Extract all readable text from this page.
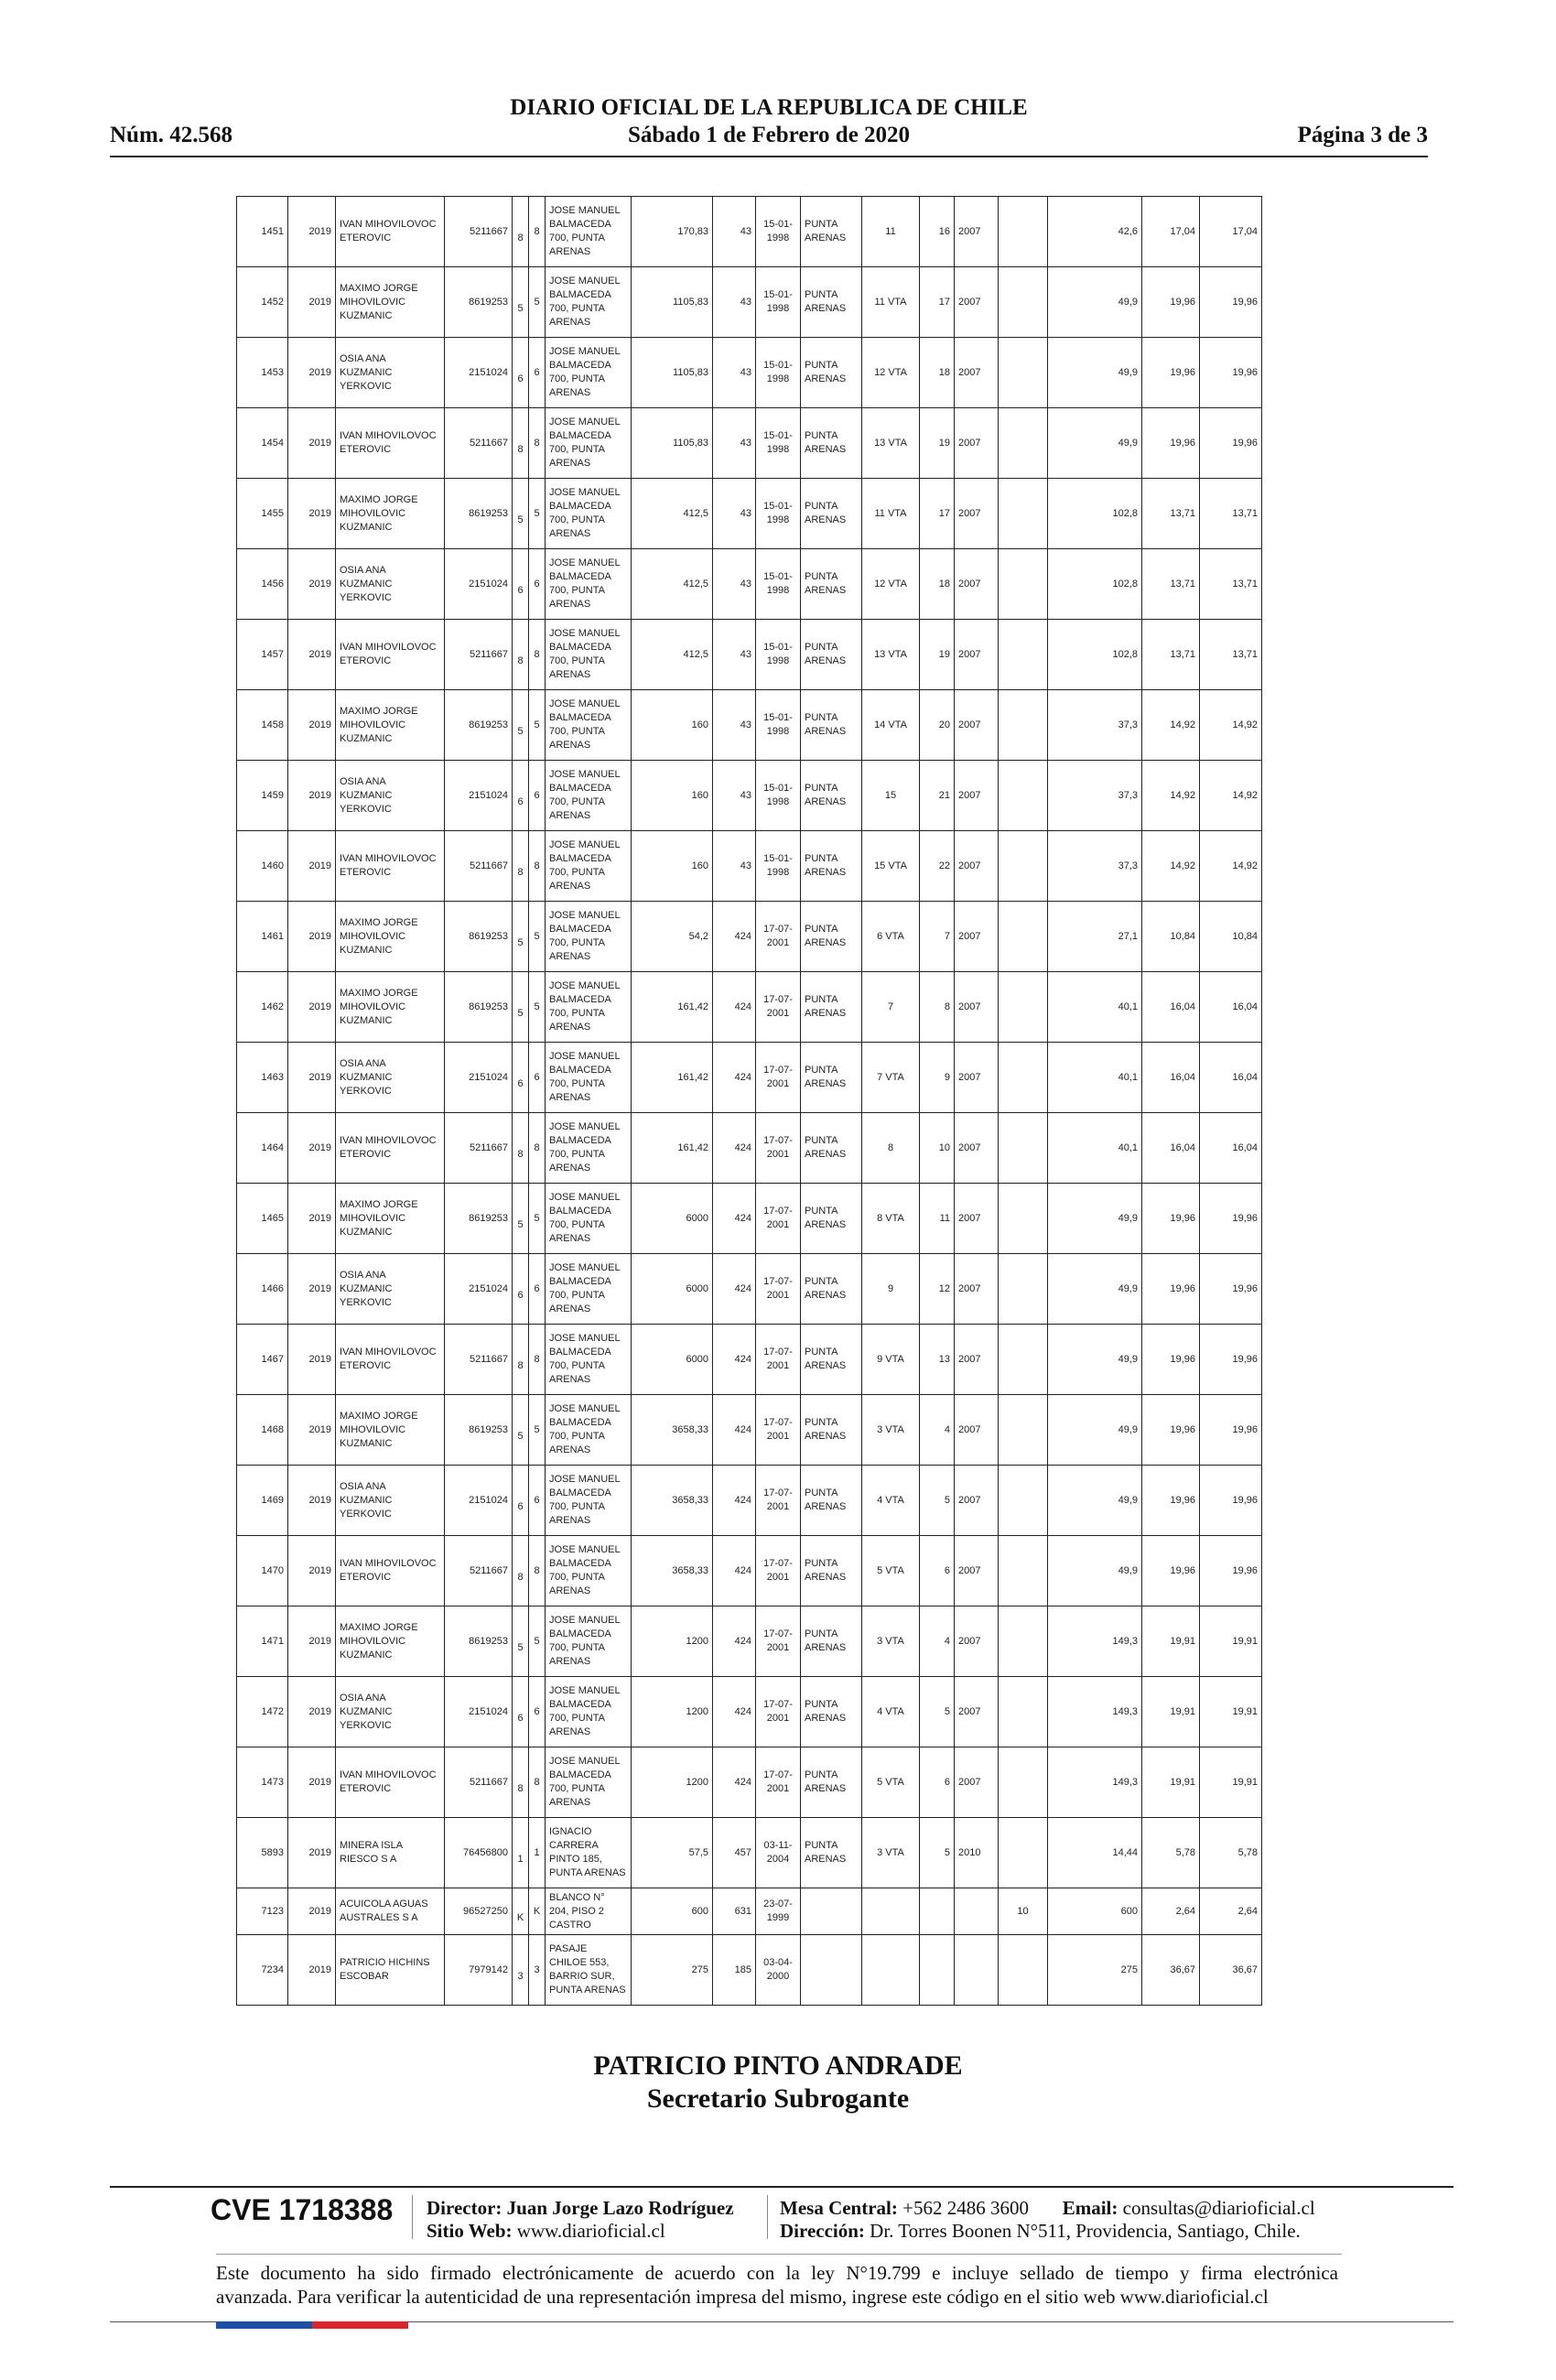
DIARIO OFICIAL DE LA REPUBLICA DE CHILE
Núm. 42.568	Sábado 1 de Febrero de 2020	Página 3 de 3
1451	2019	IVAN MIHOVILOVOC ETEROVIC	5211667	8	8	JOSE MANUEL BALMACEDA 700, PUNTA ARENAS	170,83	43	15-01-1998	PUNTA ARENAS	11	16	2007		42,6	17,04	17,04
1452	2019	MAXIMO JORGE MIHOVILOVIC KUZMANIC	8619253	5	5	JOSE MANUEL BALMACEDA 700, PUNTA ARENAS	1105,83	43	15-01-1998	PUNTA ARENAS	11 VTA	17	2007		49,9	19,96	19,96
1453	2019	OSIA ANA KUZMANIC YERKOVIC	2151024	6	6	JOSE MANUEL BALMACEDA 700, PUNTA ARENAS	1105,83	43	15-01-1998	PUNTA ARENAS	12 VTA	18	2007		49,9	19,96	19,96
1454	2019	IVAN MIHOVILOVOC ETEROVIC	5211667	8	8	JOSE MANUEL BALMACEDA 700, PUNTA ARENAS	1105,83	43	15-01-1998	PUNTA ARENAS	13 VTA	19	2007		49,9	19,96	19,96
1455	2019	MAXIMO JORGE MIHOVILOVIC KUZMANIC	8619253	5	5	JOSE MANUEL BALMACEDA 700, PUNTA ARENAS	412,5	43	15-01-1998	PUNTA ARENAS	11 VTA	17	2007		102,8	13,71	13,71
1456	2019	OSIA ANA KUZMANIC YERKOVIC	2151024	6	6	JOSE MANUEL BALMACEDA 700, PUNTA ARENAS	412,5	43	15-01-1998	PUNTA ARENAS	12 VTA	18	2007		102,8	13,71	13,71
1457	2019	IVAN MIHOVILOVOC ETEROVIC	5211667	8	8	JOSE MANUEL BALMACEDA 700, PUNTA ARENAS	412,5	43	15-01-1998	PUNTA ARENAS	13 VTA	19	2007		102,8	13,71	13,71
1458	2019	MAXIMO JORGE MIHOVILOVIC KUZMANIC	8619253	5	5	JOSE MANUEL BALMACEDA 700, PUNTA ARENAS	160	43	15-01-1998	PUNTA ARENAS	14 VTA	20	2007		37,3	14,92	14,92
1459	2019	OSIA ANA KUZMANIC YERKOVIC	2151024	6	6	JOSE MANUEL BALMACEDA 700, PUNTA ARENAS	160	43	15-01-1998	PUNTA ARENAS	15	21	2007		37,3	14,92	14,92
1460	2019	IVAN MIHOVILOVOC ETEROVIC	5211667	8	8	JOSE MANUEL BALMACEDA 700, PUNTA ARENAS	160	43	15-01-1998	PUNTA ARENAS	15 VTA	22	2007		37,3	14,92	14,92
1461	2019	MAXIMO JORGE MIHOVILOVIC KUZMANIC	8619253	5	5	JOSE MANUEL BALMACEDA 700, PUNTA ARENAS	54,2	424	17-07-2001	PUNTA ARENAS	6 VTA	7	2007		27,1	10,84	10,84
1462	2019	MAXIMO JORGE MIHOVILOVIC KUZMANIC	8619253	5	5	JOSE MANUEL BALMACEDA 700, PUNTA ARENAS	161,42	424	17-07-2001	PUNTA ARENAS	7	8	2007		40,1	16,04	16,04
1463	2019	OSIA ANA KUZMANIC YERKOVIC	2151024	6	6	JOSE MANUEL BALMACEDA 700, PUNTA ARENAS	161,42	424	17-07-2001	PUNTA ARENAS	7 VTA	9	2007		40,1	16,04	16,04
1464	2019	IVAN MIHOVILOVOC ETEROVIC	5211667	8	8	JOSE MANUEL BALMACEDA 700, PUNTA ARENAS	161,42	424	17-07-2001	PUNTA ARENAS	8	10	2007		40,1	16,04	16,04
1465	2019	MAXIMO JORGE MIHOVILOVIC KUZMANIC	8619253	5	5	JOSE MANUEL BALMACEDA 700, PUNTA ARENAS	6000	424	17-07-2001	PUNTA ARENAS	8 VTA	11	2007		49,9	19,96	19,96
1466	2019	OSIA ANA KUZMANIC YERKOVIC	2151024	6	6	JOSE MANUEL BALMACEDA 700, PUNTA ARENAS	6000	424	17-07-2001	PUNTA ARENAS	9	12	2007		49,9	19,96	19,96
1467	2019	IVAN MIHOVILOVOC ETEROVIC	5211667	8	8	JOSE MANUEL BALMACEDA 700, PUNTA ARENAS	6000	424	17-07-2001	PUNTA ARENAS	9 VTA	13	2007		49,9	19,96	19,96
1468	2019	MAXIMO JORGE MIHOVILOVIC KUZMANIC	8619253	5	5	JOSE MANUEL BALMACEDA 700, PUNTA ARENAS	3658,33	424	17-07-2001	PUNTA ARENAS	3 VTA	4	2007		49,9	19,96	19,96
1469	2019	OSIA ANA KUZMANIC YERKOVIC	2151024	6	6	JOSE MANUEL BALMACEDA 700, PUNTA ARENAS	3658,33	424	17-07-2001	PUNTA ARENAS	4 VTA	5	2007		49,9	19,96	19,96
1470	2019	IVAN MIHOVILOVOC ETEROVIC	5211667	8	8	JOSE MANUEL BALMACEDA 700, PUNTA ARENAS	3658,33	424	17-07-2001	PUNTA ARENAS	5 VTA	6	2007		49,9	19,96	19,96
1471	2019	MAXIMO JORGE MIHOVILOVIC KUZMANIC	8619253	5	5	JOSE MANUEL BALMACEDA 700, PUNTA ARENAS	1200	424	17-07-2001	PUNTA ARENAS	3 VTA	4	2007		149,3	19,91	19,91
1472	2019	OSIA ANA KUZMANIC YERKOVIC	2151024	6	6	JOSE MANUEL BALMACEDA 700, PUNTA ARENAS	1200	424	17-07-2001	PUNTA ARENAS	4 VTA	5	2007		149,3	19,91	19,91
1473	2019	IVAN MIHOVILOVOC ETEROVIC	5211667	8	8	JOSE MANUEL BALMACEDA 700, PUNTA ARENAS	1200	424	17-07-2001	PUNTA ARENAS	5 VTA	6	2007		149,3	19,91	19,91
5893	2019	MINERA ISLA RIESCO S A	76456800	1	1	IGNACIO CARRERA PINTO 185, PUNTA ARENAS	57,5	457	03-11-2004	PUNTA ARENAS	3 VTA	5	2010		14,44	5,78	5,78
7123	2019	ACUICOLA AGUAS AUSTRALES S A	96527250	K	K	BLANCO N° 204, PISO 2 CASTRO	600	631	23-07-1999					10	600	2,64	2,64
7234	2019	PATRICIO HICHINS ESCOBAR	7979142	3	3	PASAJE CHILOE 553, BARRIO SUR, PUNTA ARENAS	275	185	03-04-2000						275	36,67	36,67
PATRICIO PINTO ANDRADE
Secretario Subrogante
CVE 1718388 Director: Juan Jorge Lazo Rodríguez
Sitio Web: www.diarioficial.cl
Mesa Central: +562 2486 3600 Email: consultas@diarioficial.cl
Dirección: Dr. Torres Boonen N°511, Providencia, Santiago, Chile.
Este documento ha sido firmado electrónicamente de acuerdo con la ley N°19.799 e incluye sellado de tiempo y firma electrónica
avanzada. Para verificar la autenticidad de una representación impresa del mismo, ingrese este código en el sitio web www.diarioficial.cl
